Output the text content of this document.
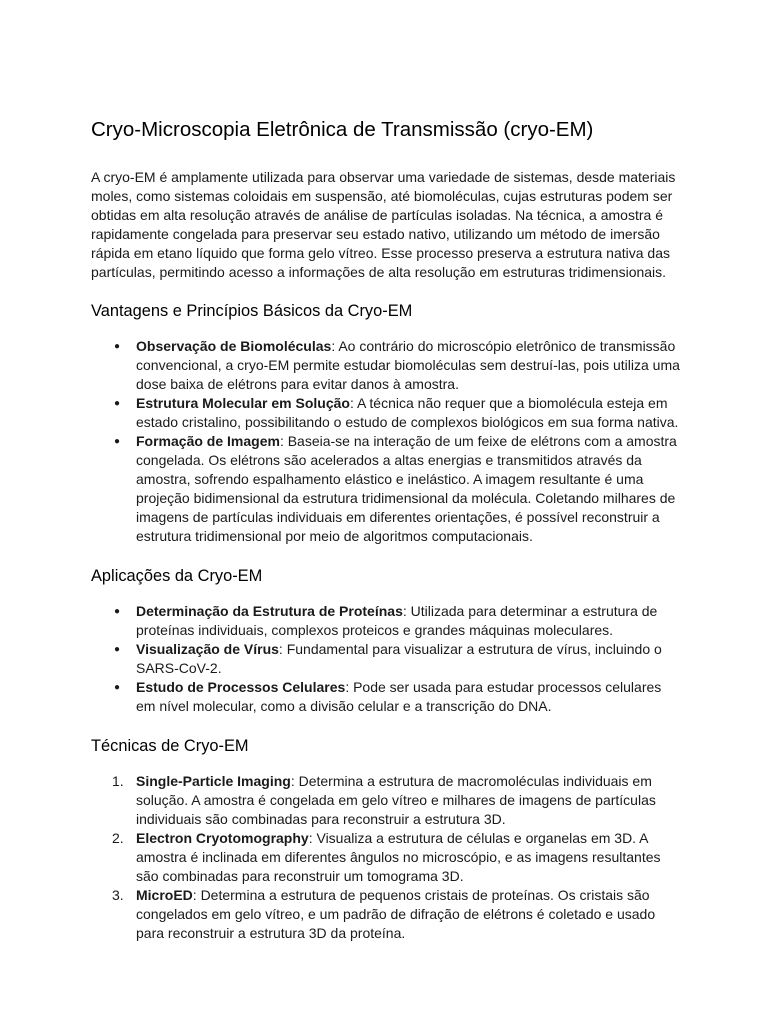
Cryo-Microscopia Eletrônica de Transmissão (cryo-EM)

A cryo-EM é amplamente utilizada para observar uma variedade de sistemas, desde materiais moles, como sistemas coloidais em suspensão, até biomoléculas, cujas estruturas podem ser obtidas em alta resolução através de análise de partículas isoladas. Na técnica, a amostra é rapidamente congelada para preservar seu estado nativo, utilizando um método de imersão rápida em etano líquido que forma gelo vítreo. Esse processo preserva a estrutura nativa das partículas, permitindo acesso a informações de alta resolução em estruturas tridimensionais.

Vantagens e Princípios Básicos da Cryo-EM
● Observação de Biomoléculas: Ao contrário do microscópio eletrônico de transmissão convencional, a cryo-EM permite estudar biomoléculas sem destruí-las, pois utiliza uma dose baixa de elétrons para evitar danos à amostra.
● Estrutura Molecular em Solução: A técnica não requer que a biomolécula esteja em estado cristalino, possibilitando o estudo de complexos biológicos em sua forma nativa.
● Formação de Imagem: Baseia-se na interação de um feixe de elétrons com a amostra congelada. Os elétrons são acelerados a altas energias e transmitidos através da amostra, sofrendo espalhamento elástico e inelástico. A imagem resultante é uma projeção bidimensional da estrutura tridimensional da molécula. Coletando milhares de imagens de partículas individuais em diferentes orientações, é possível reconstruir a estrutura tridimensional por meio de algoritmos computacionais.
Aplicações da Cryo-EM
● Determinação da Estrutura de Proteínas: Utilizada para determinar a estrutura de proteínas individuais, complexos proteicos e grandes máquinas moleculares.
● Visualização de Vírus: Fundamental para visualizar a estrutura de vírus, incluindo o SARS-CoV-2.
● Estudo de Processos Celulares: Pode ser usada para estudar processos celulares em nível molecular, como a divisão celular e a transcrição do DNA.
Técnicas de Cryo-EM
1. Single-Particle Imaging: Determina a estrutura de macromoléculas individuais em solução. A amostra é congelada em gelo vítreo e milhares de imagens de partículas individuais são combinadas para reconstruir a estrutura 3D.
2. Electron Cryotomography: Visualiza a estrutura de células e organelas em 3D. A amostra é inclinada em diferentes ângulos no microscópio, e as imagens resultantes são combinadas para reconstruir um tomograma 3D.
3. MicroED: Determina a estrutura de pequenos cristais de proteínas. Os cristais são congelados em gelo vítreo, e um padrão de difração de elétrons é coletado e usado para reconstruir a estrutura 3D da proteína.
